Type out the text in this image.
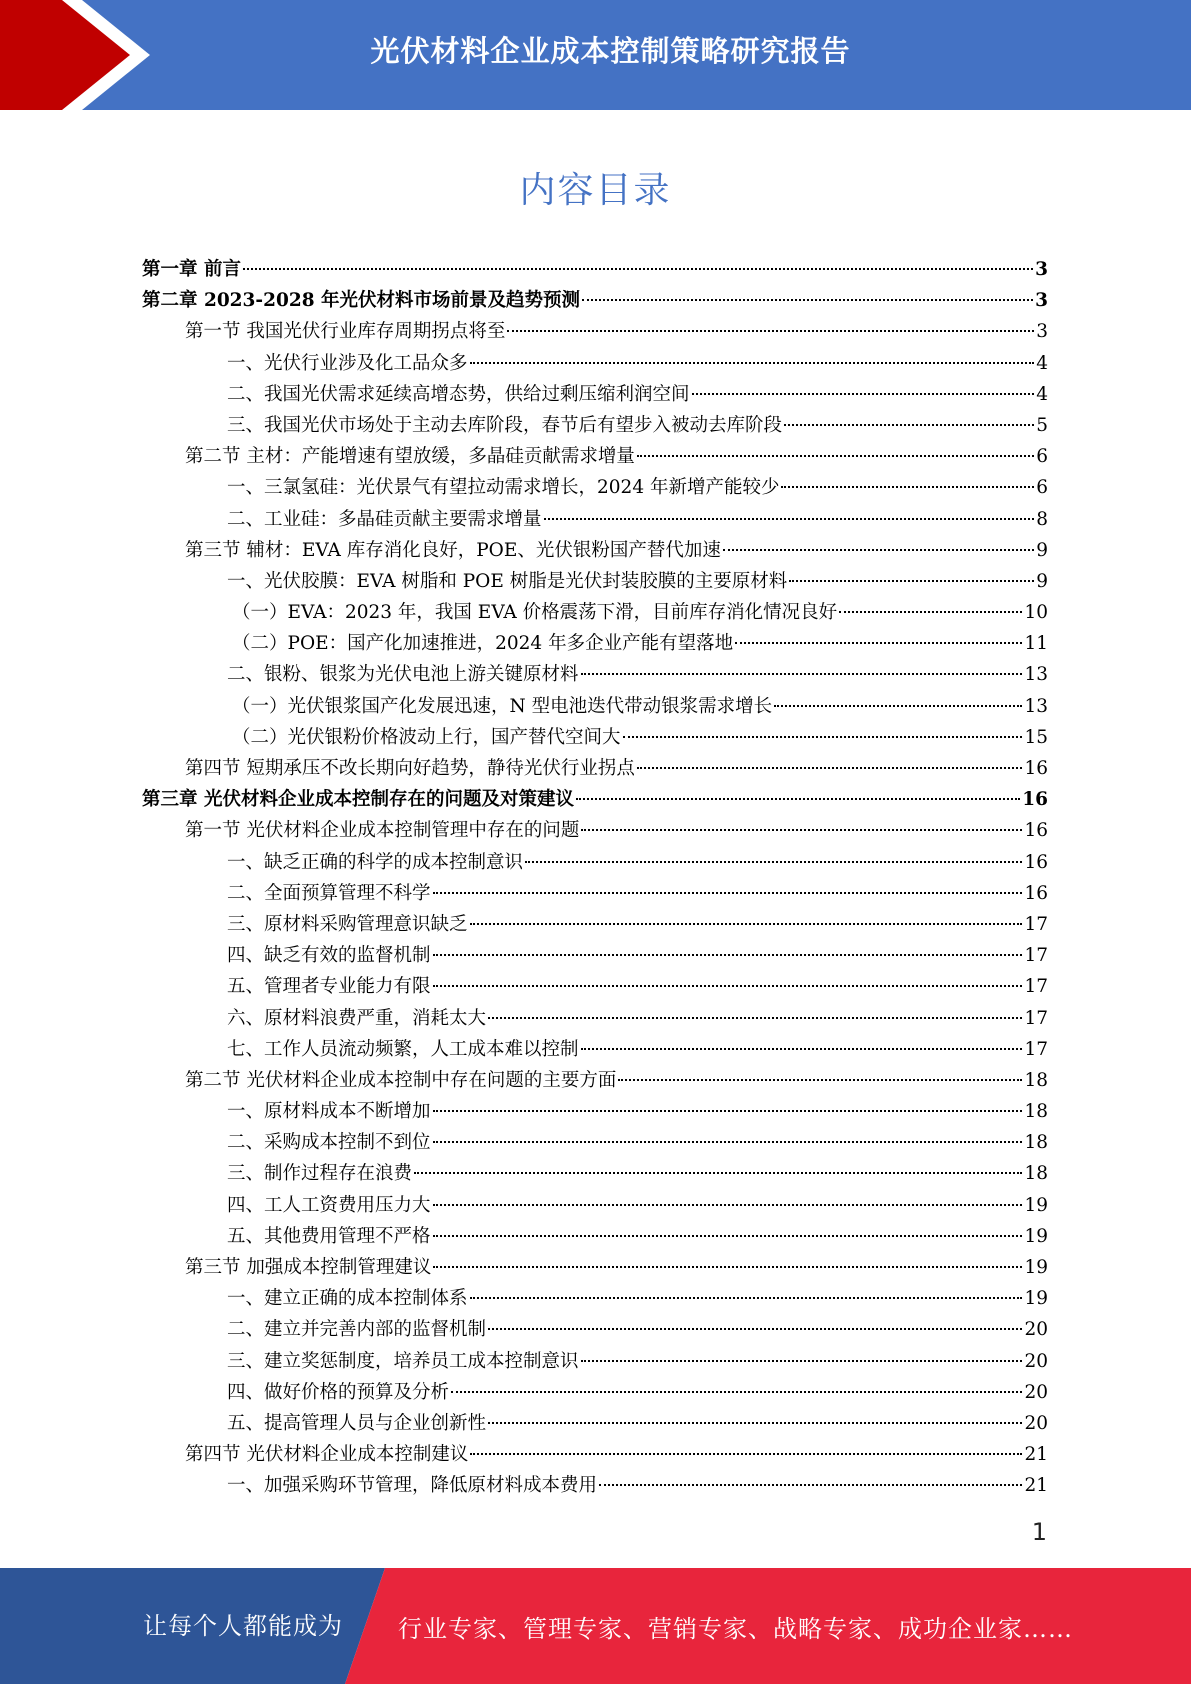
光伏材料企业成本控制策略研究报告
内容目录
第一章 前言	3
第二章 2023-2028 年光伏材料市场前景及趋势预测	3
第一节 我国光伏行业库存周期拐点将至	3
一、光伏行业涉及化工品众多	4
二、我国光伏需求延续高增态势，供给过剩压缩利润空间	4
三、我国光伏市场处于主动去库阶段，春节后有望步入被动去库阶段	5
第二节 主材：产能增速有望放缓，多晶硅贡献需求增量	6
一、三氯氢硅：光伏景气有望拉动需求增长，2024 年新增产能较少	6
二、工业硅：多晶硅贡献主要需求增量	8
第三节 辅材：EVA 库存消化良好，POE、光伏银粉国产替代加速	9
一、光伏胶膜：EVA 树脂和 POE 树脂是光伏封装胶膜的主要原材料	9
（一）EVA：2023 年，我国 EVA 价格震荡下滑，目前库存消化情况良好	10
（二）POE：国产化加速推进，2024 年多企业产能有望落地	11
二、银粉、银浆为光伏电池上游关键原材料	13
（一）光伏银浆国产化发展迅速，N 型电池迭代带动银浆需求增长	13
（二）光伏银粉价格波动上行，国产替代空间大	15
第四节 短期承压不改长期向好趋势，静待光伏行业拐点	16
第三章 光伏材料企业成本控制存在的问题及对策建议	16
第一节 光伏材料企业成本控制管理中存在的问题	16
一、缺乏正确的科学的成本控制意识	16
二、全面预算管理不科学	16
三、原材料采购管理意识缺乏	17
四、缺乏有效的监督机制	17
五、管理者专业能力有限	17
六、原材料浪费严重，消耗太大	17
七、工作人员流动频繁，人工成本难以控制	17
第二节 光伏材料企业成本控制中存在问题的主要方面	18
一、原材料成本不断增加	18
二、采购成本控制不到位	18
三、制作过程存在浪费	18
四、工人工资费用压力大	19
五、其他费用管理不严格	19
第三节 加强成本控制管理建议	19
一、建立正确的成本控制体系	19
二、建立并完善内部的监督机制	20
三、建立奖惩制度，培养员工成本控制意识	20
四、做好价格的预算及分析	20
五、提高管理人员与企业创新性	20
第四节 光伏材料企业成本控制建议	21
一、加强采购环节管理，降低原材料成本费用	21
1
让每个人都能成为 行业专家、管理专家、营销专家、战略专家、成功企业家……
